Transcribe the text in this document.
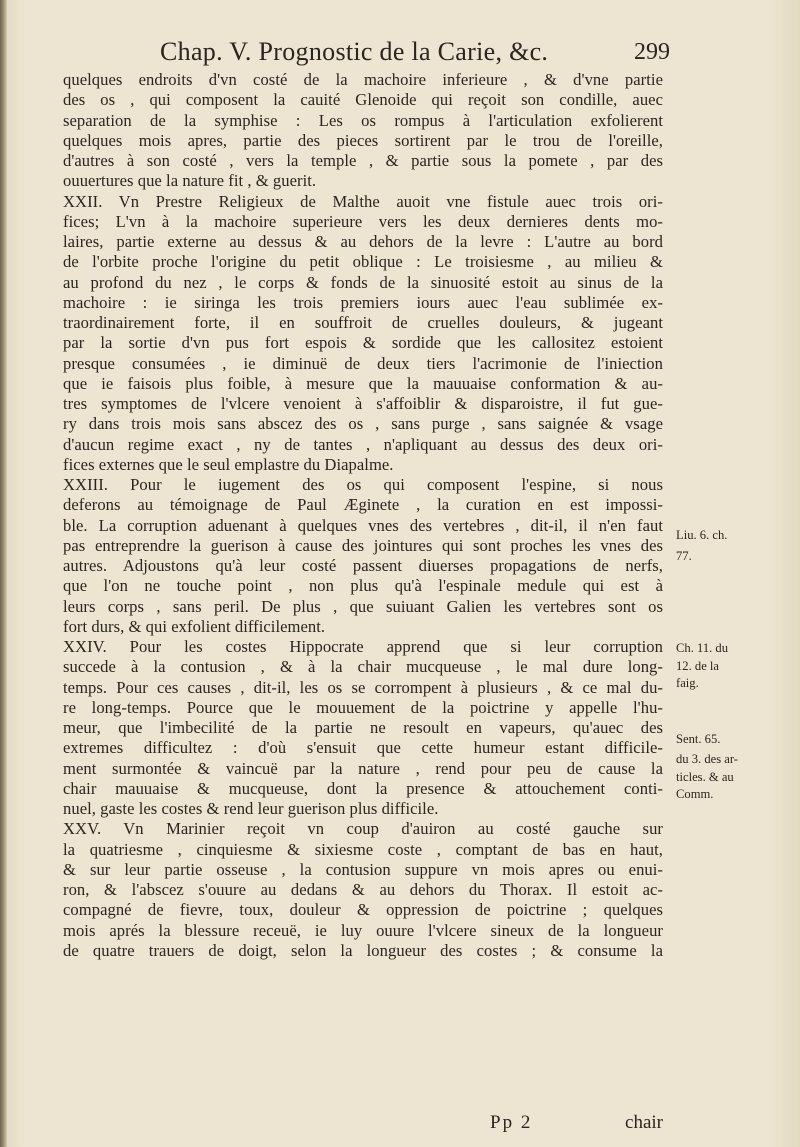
Chap. V. Prognostic de la Carie, &c.	299
quelques endroits d'vn costé de la machoire inferieure , & d'vne partie
des os , qui composent la cauité Glenoide qui reçoit son condille, auec
separation de la symphise : Les os rompus à l'articulation exfolierent
quelques mois apres, partie des pieces sortirent par le trou de l'oreille,
d'autres à son costé , vers la temple , & partie sous la pomete , par des
ouuertures que la nature fit , & guerit.
XXII. Vn Prestre Religieux de Malthe auoit vne fistule auec trois ori-
fices; L'vn à la machoire superieure vers les deux dernieres dents mo-
laires, partie externe au dessus & au dehors de la levre : L'autre au bord
de l'orbite proche l'origine du petit oblique : Le troisiesme , au milieu &
au profond du nez , le corps & fonds de la sinuosité estoit au sinus de la
machoire : ie siringa les trois premiers iours auec l'eau sublimée ex-
traordinairement forte, il en souffroit de cruelles douleurs, & jugeant
par la sortie d'vn pus fort espois & sordide que les callositez estoient
presque consumées , ie diminuë de deux tiers l'acrimonie de l'iniection
que ie faisois plus foible, à mesure que la mauuaise conformation & au-
tres symptomes de l'vlcere venoient à s'affoiblir & disparoistre, il fut gue-
ry dans trois mois sans abscez des os , sans purge , sans saignée & vsage
d'aucun regime exact , ny de tantes , n'apliquant au dessus des deux ori-
fices externes que le seul emplastre du Diapalme.
XXIII. Pour le iugement des os qui composent l'espine, si nous
deferons au témoignage de Paul Æginete , la curation en est impossi-
ble. La corruption aduenant à quelques vnes des vertebres , dit-il, il n'en faut
pas entreprendre la guerison à cause des jointures qui sont proches les vnes des
autres. Adjoustons qu'à leur costé passent diuerses propagations de nerfs,
que l'on ne touche point , non plus qu'à l'espinale medule qui est à
leurs corps , sans peril. De plus , que suiuant Galien les vertebres sont os
fort durs, & qui exfolient difficilement.
XXIV. Pour les costes Hippocrate apprend que si leur corruption
succede à la contusion , & à la chair mucqueuse , le mal dure long-
temps. Pour ces causes , dit-il, les os se corrompent à plusieurs , & ce mal du-
re long-temps. Pource que le mouuement de la poictrine y appelle l'hu-
meur, que l'imbecilité de la partie ne resoult en vapeurs, qu'auec des
extremes difficultez : d'où s'ensuit que cette humeur estant difficile-
ment surmontée & vaincuë par la nature , rend pour peu de cause la
chair mauuaise & mucqueuse, dont la presence & attouchement conti-
nuel, gaste les costes & rend leur guerison plus difficile.
XXV. Vn Marinier reçoit vn coup d'auiron au costé gauche sur
la quatriesme , cinquiesme & sixiesme coste , comptant de bas en haut,
& sur leur partie osseuse , la contusion suppure vn mois apres ou enui-
ron, & l'abscez s'ouure au dedans & au dehors du Thorax. Il estoit ac-
compagné de fievre, toux, douleur & oppression de poictrine ; quelques
mois aprés la blessure receuë, ie luy ouure l'vlcere sineux de la longueur
de quatre trauers de doigt, selon la longueur des costes ; & consume la
Liu. 6. ch.
77.
Ch. 11. du
12. de la
faig.
Sent. 65.
du 3. des ar-
ticles. & au
Comm.
Pp 2	chair
